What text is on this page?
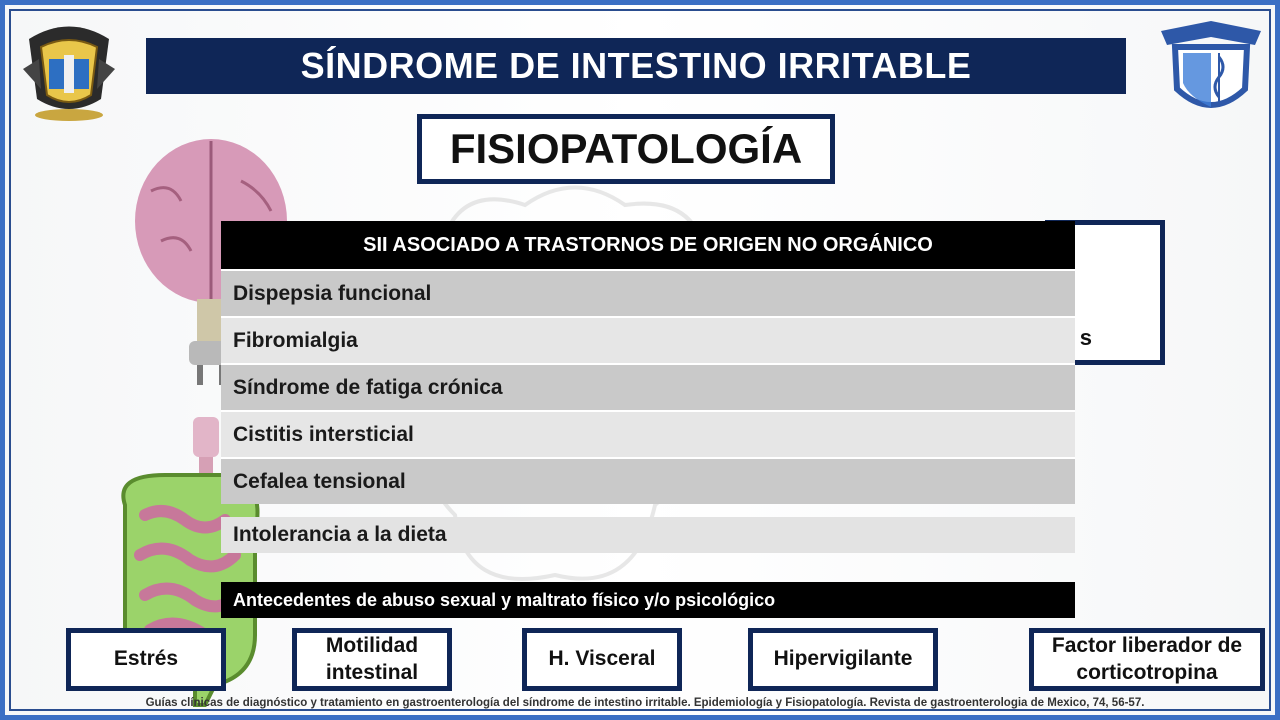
SÍNDROME DE INTESTINO IRRITABLE
FISIOPATOLOGÍA
s
SII ASOCIADO A TRASTORNOS DE ORIGEN NO ORGÁNICO
Dispepsia funcional
Fibromialgia
Síndrome de fatiga crónica
Cistitis intersticial
Cefalea tensional
Intolerancia a la dieta
Antecedentes de abuso sexual y maltrato físico y/o psicológico
Estrés
Motilidad intestinal
H. Visceral	Hipervigilante
Factor liberador de corticotropina
Guías clínicas de diagnóstico y tratamiento en gastroenterología del síndrome de intestino irritable. Epidemiología y Fisiopatología. Revista de gastroenterologia de Mexico, 74, 56-57.
